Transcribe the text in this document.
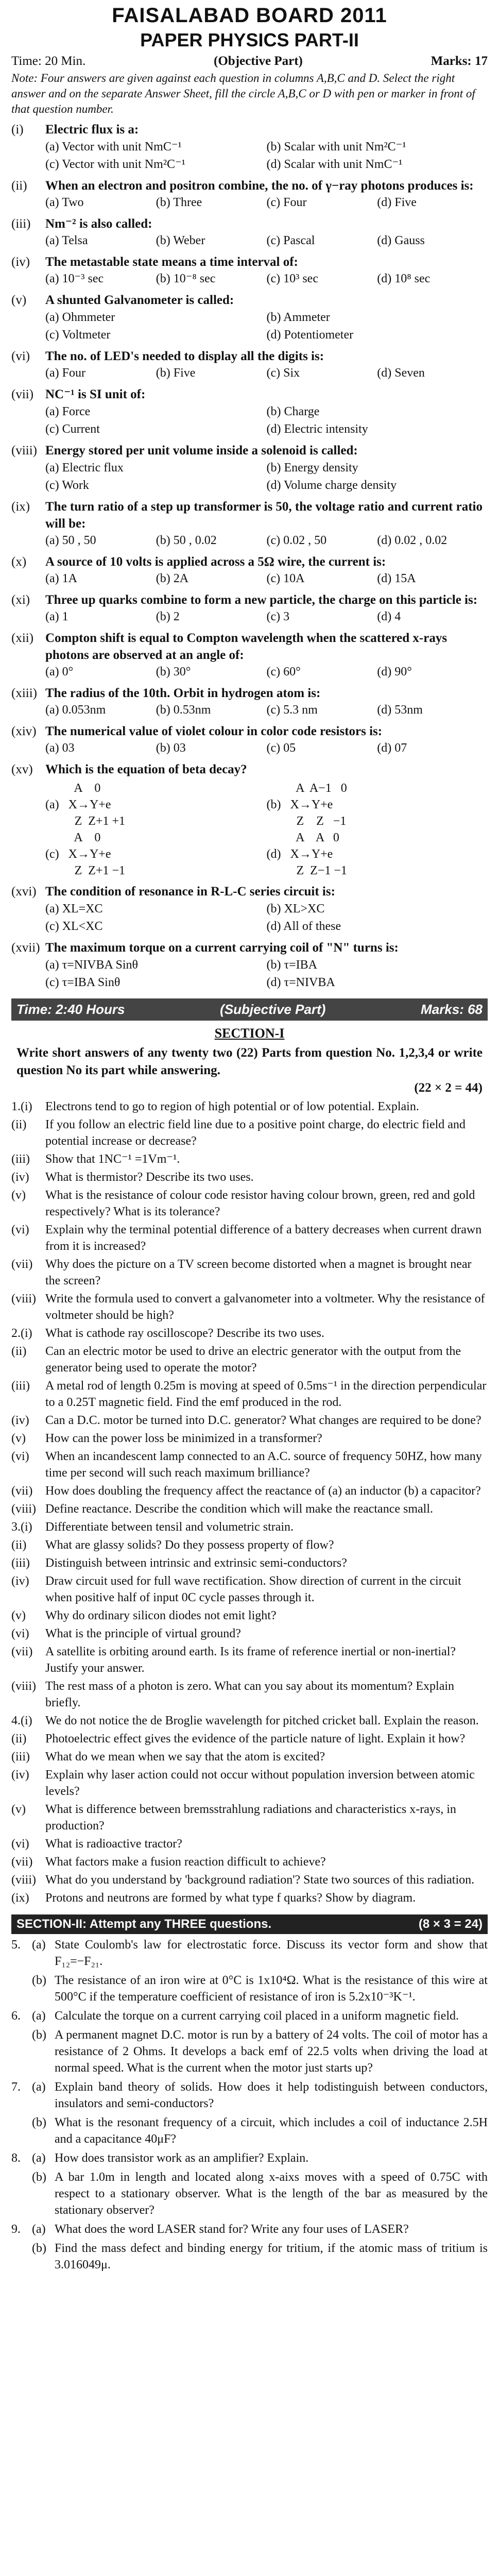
FAISALABAD BOARD 2011
PAPER PHYSICS PART-II
Time: 20 Min.	(Objective Part)	Marks: 17
Note: Four answers are given against each question in columns A,B,C and D. Select the right answer and on the separate Answer Sheet, fill the circle A,B,C or D with pen or marker in front of that question number.
(i)	Electric flux is a:
(a) Vector with unit NmC⁻¹	(b) Scalar with unit Nm²C⁻¹
(c) Vector with unit Nm²C⁻¹	(d) Scalar with unit NmC⁻¹
(ii)	When an electron and positron combine, the no. of γ−ray photons produces is:
(a) Two	(b) Three	(c) Four	(d) Five
(iii)	Nm⁻² is also called:
(a) Telsa	(b) Weber	(c) Pascal	(d) Gauss
(iv)	The metastable state means a time interval of:
(a) 10⁻³ sec	(b) 10⁻⁸ sec	(c) 10³ sec	(d) 10⁸ sec
(v)	A shunted Galvanometer is called:
(a) Ohmmeter	(b) Ammeter
(c) Voltmeter	(d) Potentiometer
(vi)	The no. of LED's needed to display all the digits is:
(a) Four	(b) Five	(c) Six	(d) Seven
(vii) NC⁻¹ is SI unit of:
(a) Force	(b) Charge
(c) Current	(d) Electric intensity
(viii) Energy stored per unit volume inside a solenoid is called:
(a) Electric flux	(b) Energy density
(c) Work	(d) Volume charge density
(ix)	The turn ratio of a step up transformer is 50, the voltage ratio and current ratio will be:
(a) 50 , 50	(b) 50 , 0.02	(c) 0.02 , 50	(d) 0.02 , 0.02
(x)	A source of 10 volts is applied across a 5Ω wire, the current is:
(a) 1A	(b) 2A	(c) 10A	(d) 15A
(xi)	Three up quarks combine to form a new particle, the charge on this particle is:
(a) 1	(b) 2	(c) 3	(d) 4
(xii) Compton shift is equal to Compton wavelength when the scattered x-rays photons are observed at an angle of:
(a) 0°	(b) 30°	(c) 60°	(d) 90°
(xiii) The radius of the 10th. Orbit in hydrogen atom is:
(a) 0.053nm	(b) 0.53nm	(c) 5.3 nm	(d) 53nm
(xiv) The numerical value of violet colour in color code resistors is:
(a) 03	(b) 03	(c) 05	(d) 07
(xv) Which is the equation of beta decay?
(a)
A    0
X→Y+e
Z  Z+1 +1
(b)
A  A−1   0
X→Y+e
Z    Z   −1
(c)
A    0
X→Y+e
Z  Z+1 −1
(d)
A    A   0
X→Y+e
Z  Z−1 −1
(xvi) The condition of resonance in R-L-C series circuit is:
(a) XL=XC	(b) XL>XC
(c) XL<XC	(d) All of these
(xvii) The maximum torque on a current carrying coil of "N" turns is:
(a) τ=NIVBA Sinθ	(b) τ=IBA
(c) τ=IBA Sinθ	(d) τ=NIVBA
Time: 2:40 Hours	(Subjective Part)	Marks: 68
SECTION-I
Write short answers of any twenty two (22) Parts from question No. 1,2,3,4 or write question No its part while answering.
(22 × 2 = 44)
1.(i)	Electrons tend to go to region of high potential or of low potential. Explain.
(ii)	If you follow an electric field line due to a positive point charge, do electric field and potential increase or decrease?
(iii)	Show that 1NC⁻¹ =1Vm⁻¹.
(iv)	What is thermistor? Describe its two uses.
(v)	What is the resistance of colour code resistor having colour brown, green, red and gold respectively? What is its tolerance?
(vi)	Explain why the terminal potential difference of a battery decreases when current drawn from it is increased?
(vii)	Why does the picture on a TV screen become distorted when a magnet is brought near the screen?
(viii) Write the formula used to convert a galvanometer into a voltmeter. Why the resistance of voltmeter should be high?
2.(i)	What is cathode ray oscilloscope? Describe its two uses.
(ii)	Can an electric motor be used to drive an electric generator with the output from the generator being used to operate the motor?
(iii)	A metal rod of length 0.25m is moving at speed of 0.5ms⁻¹ in the direction perpendicular to a 0.25T magnetic field. Find the emf produced in the rod.
(iv)	Can a D.C. motor be turned into D.C. generator? What changes are required to be done?
(v)	How can the power loss be minimized in a transformer?
(vi)	When an incandescent lamp connected to an A.C. source of frequency 50HZ, how many time per second will such reach maximum brilliance?
(vii)	How does doubling the frequency affect the reactance of (a) an inductor (b) a capacitor?
(viii) Define reactance. Describe the condition which will make the reactance small.
3.(i)	Differentiate between tensil and volumetric strain.
(ii)	What are glassy solids? Do they possess property of flow?
(iii)	Distinguish between intrinsic and extrinsic semi-conductors?
(iv)	Draw circuit used for full wave rectification. Show direction of current in the circuit when positive half of input 0C cycle passes through it.
(v)	Why do ordinary silicon diodes not emit light?
(vi)	What is the principle of virtual ground?
(vii)	A satellite is orbiting around earth. Is its frame of reference inertial or non-inertial? Justify your answer.
(viii) The rest mass of a photon is zero. What can you say about its momentum? Explain briefly.
4.(i)	We do not notice the de Broglie wavelength for pitched cricket ball. Explain the reason.
(ii)	Photoelectric effect gives the evidence of the particle nature of light. Explain it how?
(iii)	What do we mean when we say that the atom is excited?
(iv)	Explain why laser action could not occur without population inversion between atomic levels?
(v)	What is difference between bremsstrahlung radiations and characteristics x-rays, in production?
(vi)	What is radioactive tractor?
(vii)	What factors make a fusion reaction difficult to achieve?
(viii) What do you understand by 'background radiation'? State two sources of this radiation.
(ix)	Protons and neutrons are formed by what type f quarks? Show by diagram.
SECTION-II: Attempt any THREE questions.	(8 × 3 = 24)
5. (a) State Coulomb's law for electrostatic force. Discuss its vector form and show that F₁₂=−F₂₁.
(b) The resistance of an iron wire at 0°C is 1x10⁴Ω. What is the resistance of this wire at 500°C if the temperature coefficient of resistance of iron is 5.2x10⁻³K⁻¹.
6. (a) Calculate the torque on a current carrying coil placed in a uniform magnetic field.
(b) A permanent magnet D.C. motor is run by a battery of 24 volts. The coil of motor has a resistance of 2 Ohms. It develops a back emf of 22.5 volts when driving the load at normal speed. What is the current when the motor just starts up?
7. (a) Explain band theory of solids. How does it help todistinguish between conductors, insulators and semi-conductors?
(b) What is the resonant frequency of a circuit, which includes a coil of inductance 2.5H and a capacitance 40μF?
8. (a) How does transistor work as an amplifier? Explain.
(b) A bar 1.0m in length and located along x-aixs moves with a speed of 0.75C with respect to a stationary observer. What is the length of the bar as measured by the stationary observer?
9. (a) What does the word LASER stand for? Write any four uses of LASER?
(b) Find the mass defect and binding energy for tritium, if the atomic mass of tritium is 3.016049μ.
